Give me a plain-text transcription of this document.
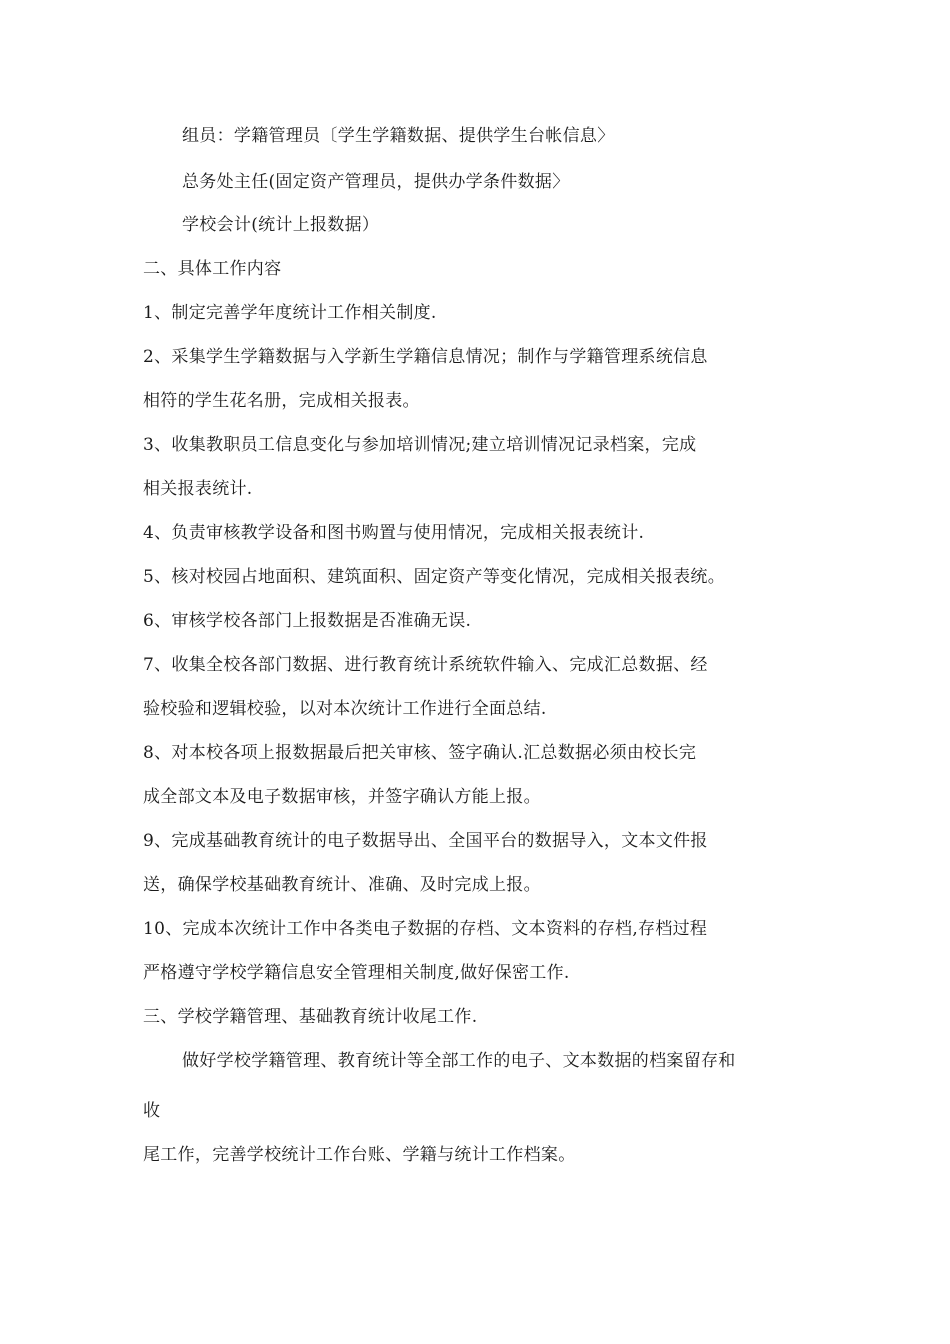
组员：学籍管理员〔学生学籍数据、提供学生台帐信息〉
总务处主任(固定资产管理员，提供办学条件数据〉
学校会计(统计上报数据）
二、具体工作内容
1、制定完善学年度统计工作相关制度.
2、采集学生学籍数据与入学新生学籍信息情况；制作与学籍管理系统信息
相符的学生花名册，完成相关报表。
3、收集教职员工信息变化与参加培训情况;建立培训情况记录档案，完成
相关报表统计.
4、负责审核教学设备和图书购置与使用情况，完成相关报表统计.
5、核对校园占地面积、建筑面积、固定资产等变化情况，完成相关报表统。
6、审核学校各部门上报数据是否准确无误.
7、收集全校各部门数据、进行教育统计系统软件输入、完成汇总数据、经
验校验和逻辑校验，以对本次统计工作进行全面总结.
8、对本校各项上报数据最后把关审核、签字确认.汇总数据必须由校长完
成全部文本及电子数据审核，并签字确认方能上报。
9、完成基础教育统计的电子数据导出、全国平台的数据导入，文本文件报
送，确保学校基础教育统计、准确、及时完成上报。
10、完成本次统计工作中各类电子数据的存档、文本资料的存档,存档过程
严格遵守学校学籍信息安全管理相关制度,做好保密工作.
三、学校学籍管理、基础教育统计收尾工作.
做好学校学籍管理、教育统计等全部工作的电子、文本数据的档案留存和
收
尾工作，完善学校统计工作台账、学籍与统计工作档案。
